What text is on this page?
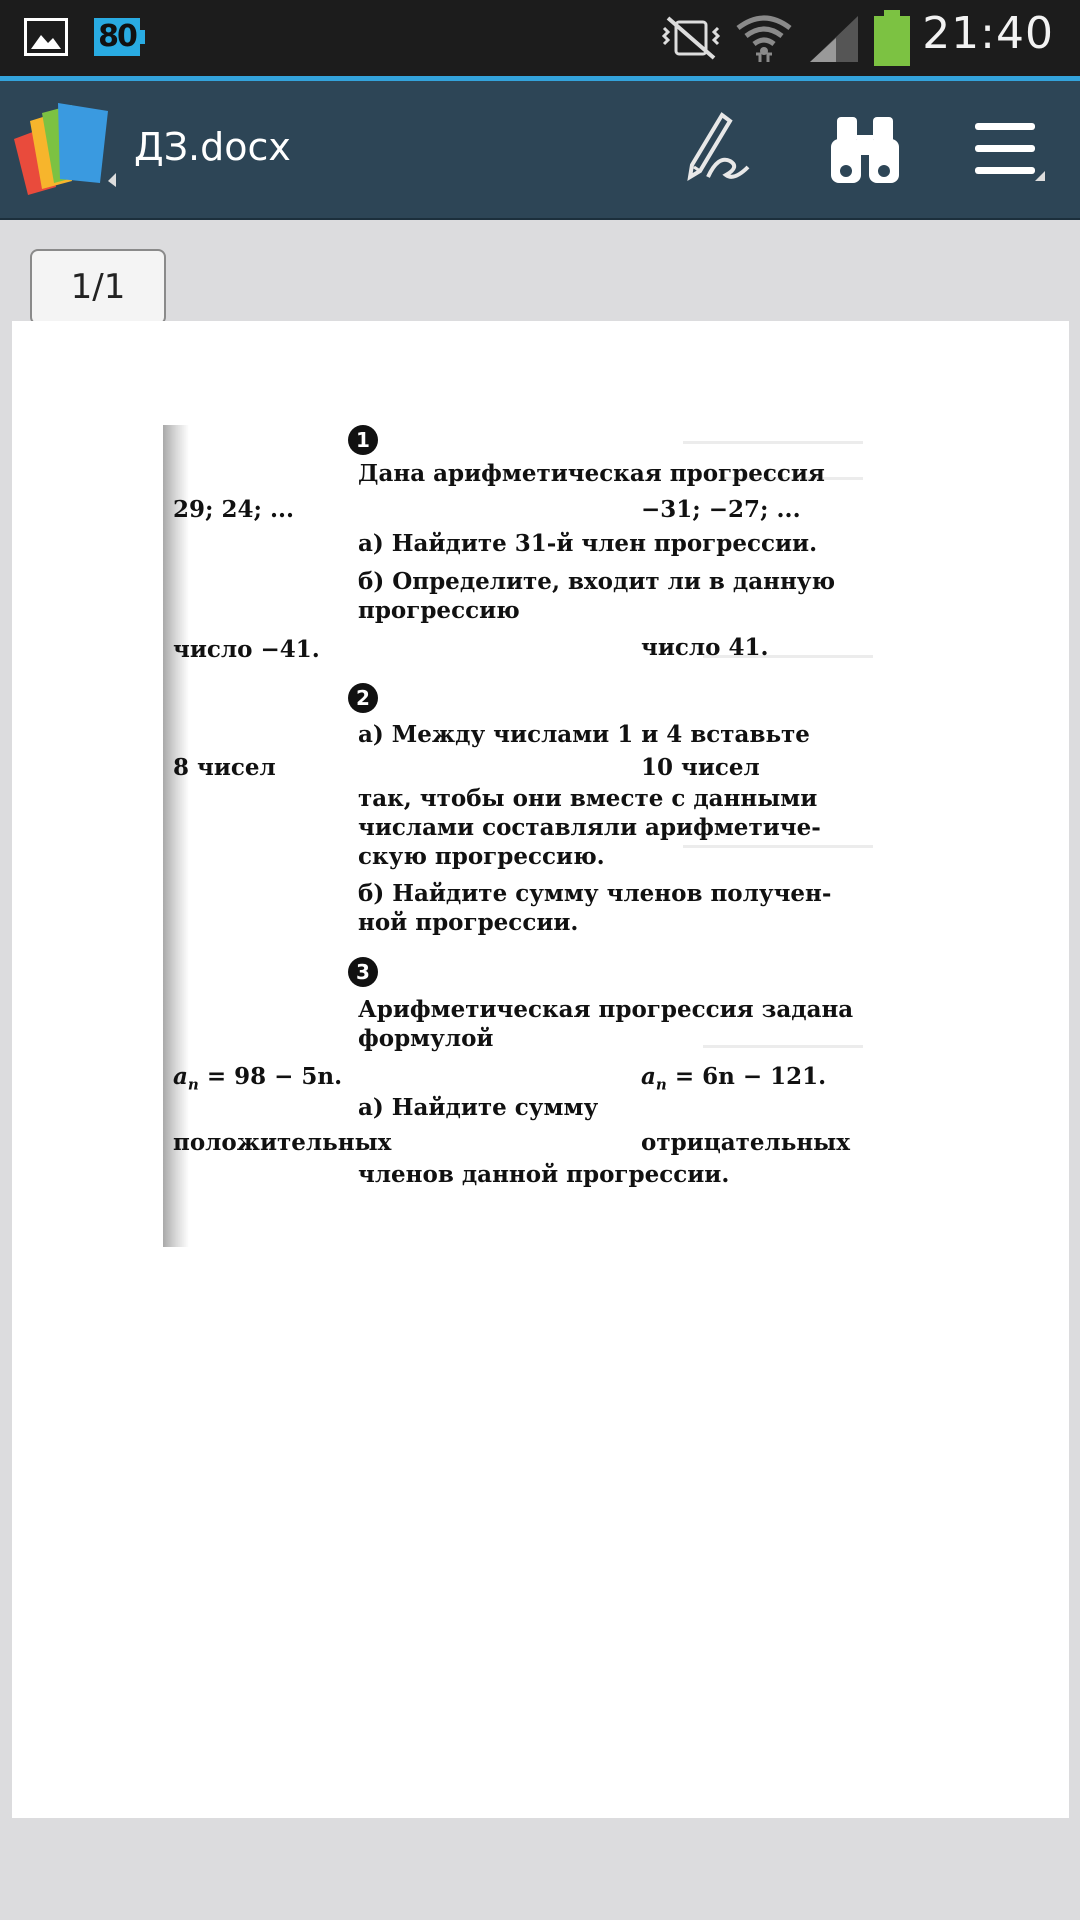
80	21:40
ДЗ.docx
1/1
1
Дана арифметическая прогрессия
29; 24; ...	−31; −27; ...
а) Найдите 31-й член прогрессии.
б) Определите, входит ли в данную
прогрессию
число −41.	число 41.
2
а) Между числами 1 и 4 вставьте
8 чисел	10 чисел
так, чтобы они вместе с данными
числами составляли арифметиче-
скую прогрессию.
б) Найдите сумму членов получен-
ной прогрессии.
3
Арифметическая прогрессия задана
формулой
$a_n = 98 - 5n$.	$a_n = 6n - 121$.
а) Найдите сумму
положительных	отрицательных
членов данной прогрессии.
